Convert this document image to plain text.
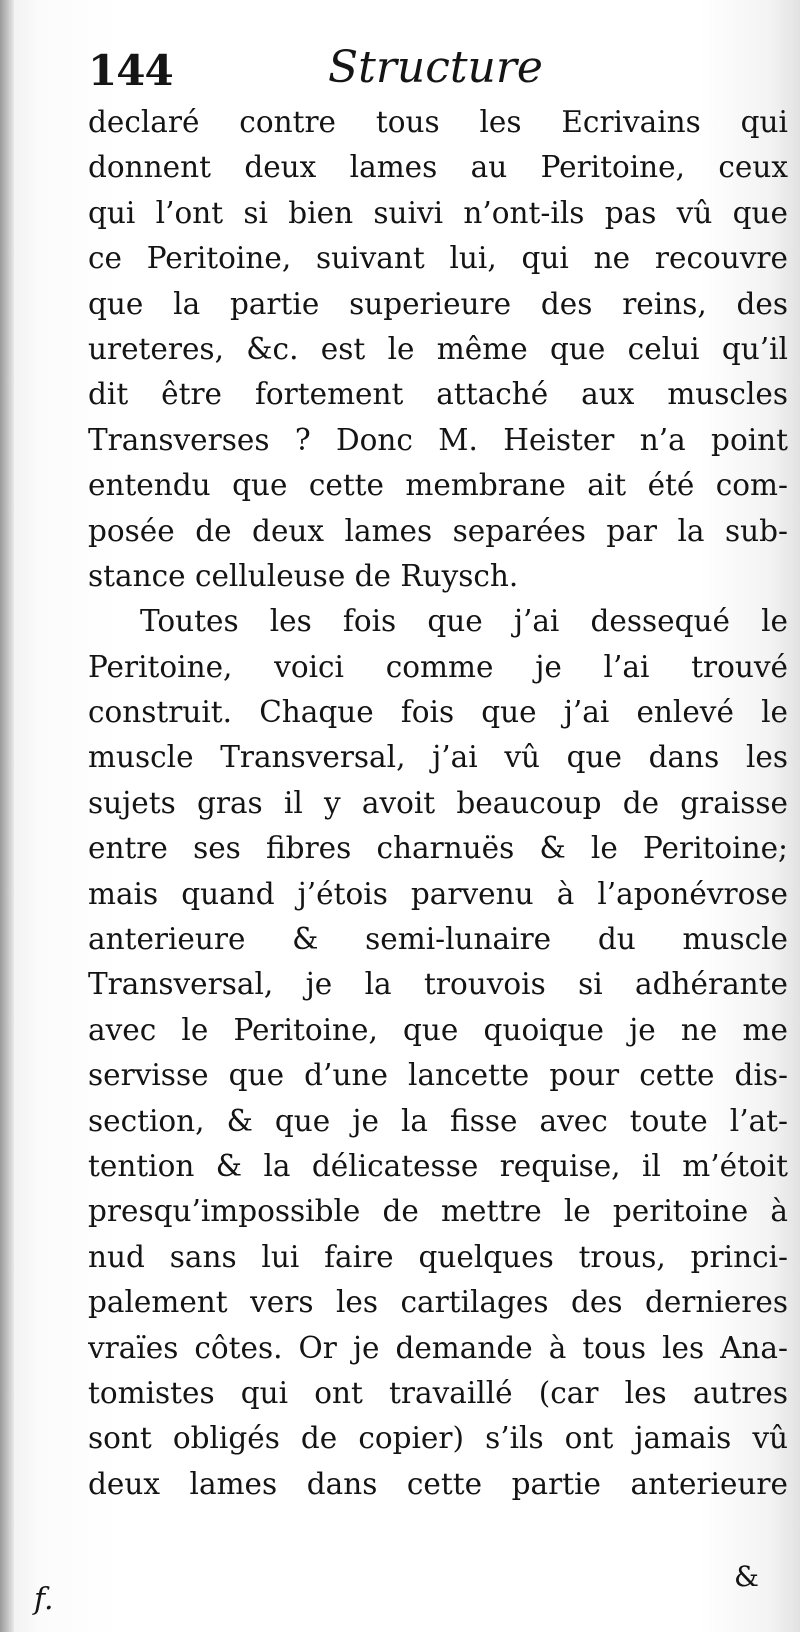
144	Structure
declaré contre tous les Ecrivains qui
donnent deux lames au Peritoine, ceux
qui l’ont si bien suivi n’ont-ils pas vû que
ce Peritoine, suivant lui, qui ne recouvre
que la partie superieure des reins, des
ureteres, &c. est le même que celui qu’il
dit être fortement attaché aux muscles
Transverses ? Donc M. Heister n’a point
entendu que cette membrane ait été com-
posée de deux lames separées par la sub-
stance celluleuse de Ruysch.
Toutes les fois que j’ai dessequé le
Peritoine, voici comme je l’ai trouvé
construit. Chaque fois que j’ai enlevé le
muscle Transversal, j’ai vû que dans les
sujets gras il y avoit beaucoup de graisse
entre ses fibres charnuës & le Peritoine;
mais quand j’étois parvenu à l’aponévrose
anterieure & semi-lunaire du muscle
Transversal, je la trouvois si adhérante
avec le Peritoine, que quoique je ne me
servisse que d’une lancette pour cette dis-
section, & que je la fisse avec toute l’at-
tention & la délicatesse requise, il m’étoit
presqu’impossible de mettre le peritoine à
nud sans lui faire quelques trous, princi-
palement vers les cartilages des dernieres
vraïes côtes. Or je demande à tous les Ana-
tomistes qui ont travaillé (car les autres
sont obligés de copier) s’ils ont jamais vû
deux lames dans cette partie anterieure
&
f.
